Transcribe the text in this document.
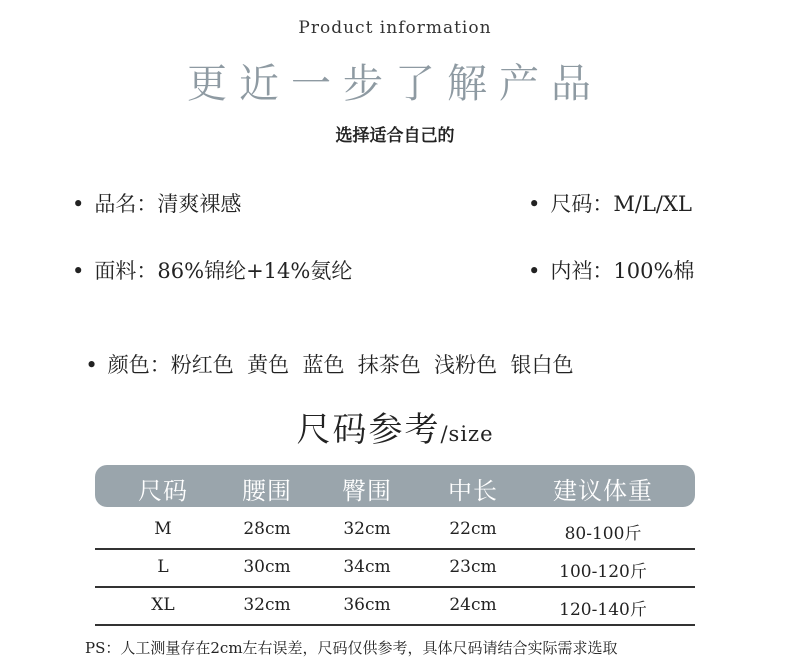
Product information
更近一步了解产品
选择适合自己的
• 品名：清爽裸感	• 尺码：M/L/XL
• 面料：86%锦纶+14%氨纶	• 内裆：100%棉

• 颜色：粉红色  黄色  蓝色  抹茶色  浅粉色  银白色

尺码参考/size
尺码 腰围 臀围 中长 建议体重
M	28cm	32cm	22cm	80-100斤
L	30cm	34cm	23cm	100-120斤
XL	32cm	36cm	24cm	120-140斤
PS：人工测量存在2cm左右误差，尺码仅供参考，具体尺码请结合实际需求选取
